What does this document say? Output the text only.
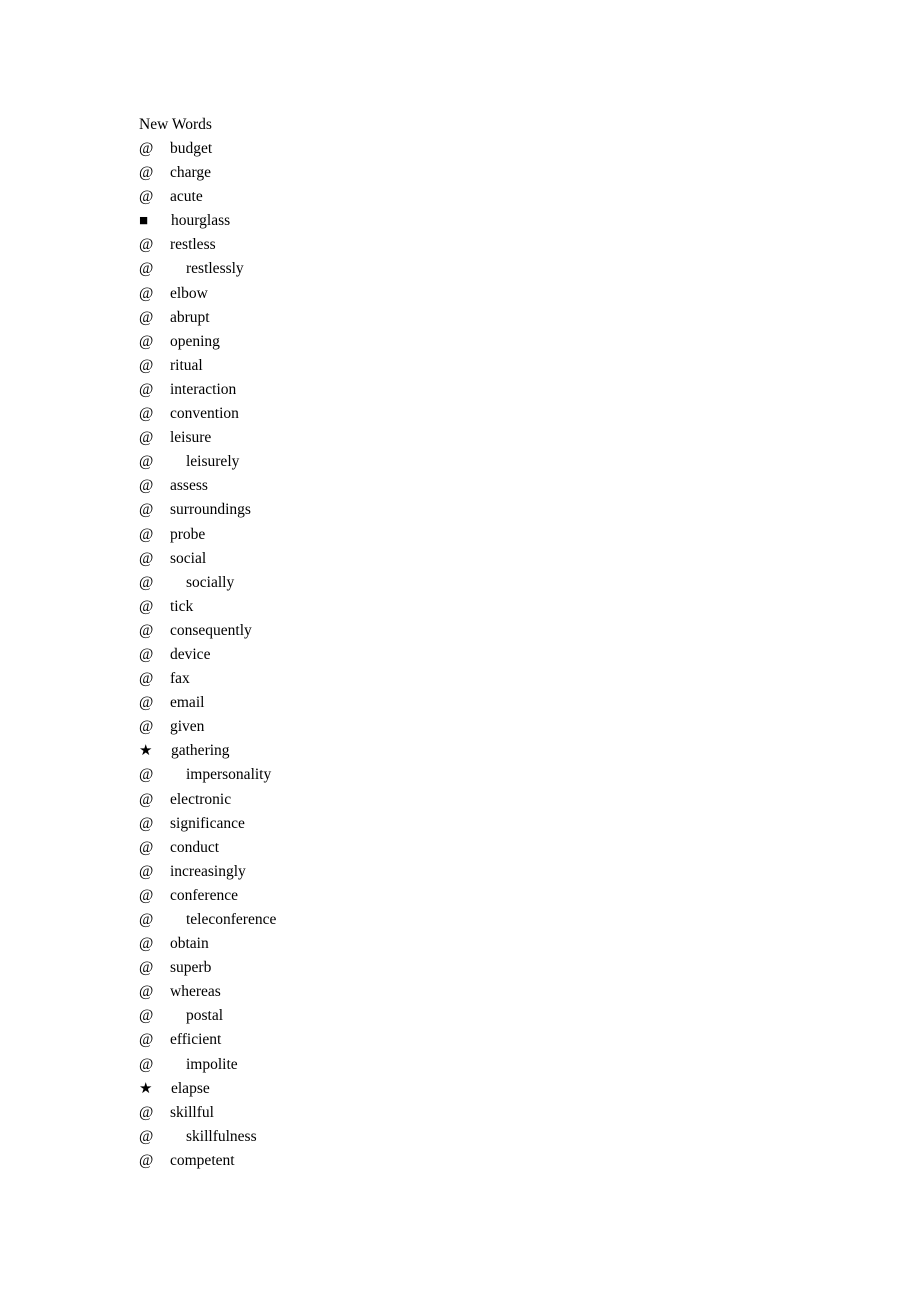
New Words
@	budget
@	charge
@	acute
■	hourglass
@	restless
@	restlessly
@	elbow
@	abrupt
@	opening
@	ritual
@	interaction
@	convention
@	leisure
@	leisurely
@	assess
@	surroundings
@	probe
@	social
@	socially
@	tick
@	consequently
@	device
@	fax
@	email
@	given
★	gathering
@	impersonality
@	electronic
@	significance
@	conduct
@	increasingly
@	conference
@	teleconference
@	obtain
@	superb
@	whereas
@	postal
@	efficient
@	impolite
★	elapse
@	skillful
@	skillfulness
@	competent
